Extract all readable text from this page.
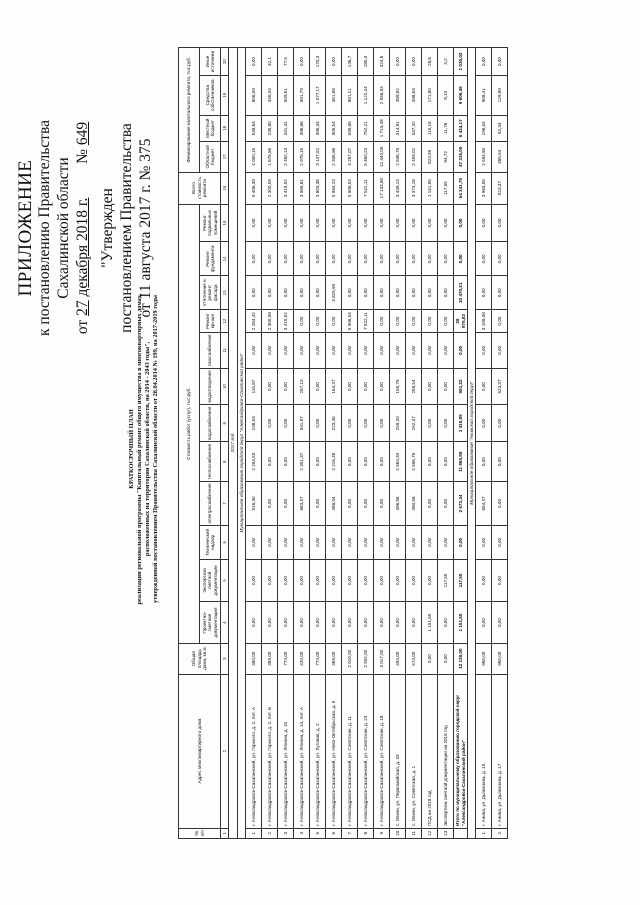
ПРИЛОЖЕНИЕ к постановлению Правительства Сахалинской области
от 27 декабря 2018 г.  № 649
"Утвержден постановлением Правительства от 11 августа 2017 г. № 375
КРАТКОСРОЧНЫЙ ПЛАН реализации региональной программы "Капитальный ремонт общего имущества в многоквартирных домах, расположенных на территории Сахалинской области, на 2014 - 2043 годы", утвержденной постановлением Правительства Сахалинской области от 28.04.2014 № 199, на 2017-2019 годы
№ п/п	Адрес многоквартирного дома	Общая площадь дома, кв.м	Стоимость работ (услуг), тыс.руб.												Всего стоимость ремонта	Финансирование капитального ремонта, тыс.руб.			
			Проектно-сметная документация	Экспертиза сметной документации	Технический надзор	электроснабжения	теплоснабжения	водоснабжения	водоотведения	газоснабжения	Ремонт крыши	Утепление и ремонт фасада	Ремонт фундамента	Ремонт подвальных помещений		Областной бюджет	Местный бюджет	Средства собственников	Иные источники
1	2	3	4	5	6	7	8	9	10	11	12	13	14	15	16	17	18	19	20
2017 год																			
Муниципальное образование городской округ "Александровск-Сахалинский район"																			
1	г. Александровск-Сахалинский, ул. Горького, д. 2, лит. А	380,00	0,00	0,00	0,00	516,30	2 254,53	108,53	115,87	0,00	2 284,42	0,00	0,00	0,00	5 406,39	4 050,16	548,64	806,59	0,00
2	г. Александровск-Сахалинский, ул. Горького, д. 2, лит. Б	389,00	0,00	0,00	0,00	0,00	0,00	0,00	0,00	0,00	2 300,59	0,00	0,00	0,00	2 300,59	1 678,86	235,60	346,04	32,1
3	г. Александровск-Сахалинский, ул. Ленина, д. 10	774,00	0,00	0,00	0,00	0,00	0,00	0,00	0,00	0,00	3 415,52	0,00	0,00	0,00	3 415,52	2 482,14	341,31	509,61	77,5
4	г. Александровск-Сахалинский, ул. Ленина, д. 14, лит. А	420,00	0,00	0,00	0,00	663,57	2 301,37	341,97	257,10	0,00	0,00	0,00	0,00	0,00	3 966,61	2 978,16	396,66	591,79	0,00
5	г. Александровск-Сахалинский, ул. Луговая, д. 2	774,00	0,00	0,00	0,00	0,00	0,00	0,00	0,00	0,00	0,00	0,00	0,00	0,00	3 803,36	3 147,52	395,34	1 077,17	170,3
6	г. Александровск-Сахалинский, ул. Ново-Октябрьская, д. 5	369,00	0,00	0,00	0,00	488,04	2 216,48	223,46	164,37	0,00	0,00	4 825,90	0,00	0,00	5 984,23	2 336,96	305,54	461,88	0,00
7	г. Александровск-Сахалинский, ул. Советская, д. 11	2 010,00	0,00	0,00	0,00	0,00	0,00	0,00	0,00	0,00	5 906,54	0,00	0,00	0,00	5 906,54	4 287,07	590,65	881,21	146,7
8	г. Александровск-Сахалинский, ул. Советская, д. 24	2 932,00	0,00	0,00	0,00	0,00	0,00	0,00	0,00	0,00	7 522,11	0,00	0,00	0,00	7 522,11	5 460,23	752,21	1 122,24	180,0
9	г. Александровск-Сахалинский, ул. Советская, д. 18	3 017,00	0,00	0,00	0,00	0,00	0,00	0,00	0,00	0,00	0,00	0,00	0,00	0,00	17 133,80	12 440,05	1 713,38	2 556,53	424,6
10	с. Мгачи, ул. Первомайская, д. 33	494,00	0,00	0,00	0,00	496,56	2 563,34	259,33	155,75	0,00	0,00	0,00	0,00	0,00	3 449,14	2 546,78	314,91	489,82	0,00
11	с. Мгачи, ул. Советская, д. 1	574,00	0,00	0,00	0,00	490,56	2 596,79	252,37	258,54	0,00	0,00	0,00	0,00	0,00	3 373,18	2 459,02	337,32	498,63	0,00
12	ПСД на 2018 год	0,00	1 151,55	0,00	0,00	0,00	0,00	0,00	0,00	0,00	0,00	0,00	0,00	0,00	1 151,55	823,59	115,16	171,80	28,6
13	Экспертиза сметной документации на 2018 год	0,00	0,00	117,55	0,00	0,00	0,00	0,00	0,00	0,00	0,00	0,00	0,00	0,00	117,55	94,72	11,76	8,10	3,2
	Итого по муниципальному образованию городской округ "Александровск-Сахалинский район"	12 138,00	1 151,55	117,55	0,00	2 673,34	11 865,88	1 410,89	991,22	0,00	39 975,83	10 470,21	0,00	0,00	64 341,75	47 316,05	6 434,17	9 606,49	1 030,02
Муниципальное образование "Анивский городской округ"																			
1	г. Анива, ул. Дьяконова, д. 15	960,00	0,00	0,00	0,00	654,47	0,00	0,00	0,00	0,00	3 108,08	0,00	0,00	0,00	3 963,55	2 594,90	296,04	908,41	0,00
2	г. Анива, ул. Дьяконова, д. 17	960,00	0,00	0,00	0,00	0,00	0,00	0,00	523,37	0,00	0,00	0,00	0,00	0,00	523,37	385,54	52,34	129,89	0,00
